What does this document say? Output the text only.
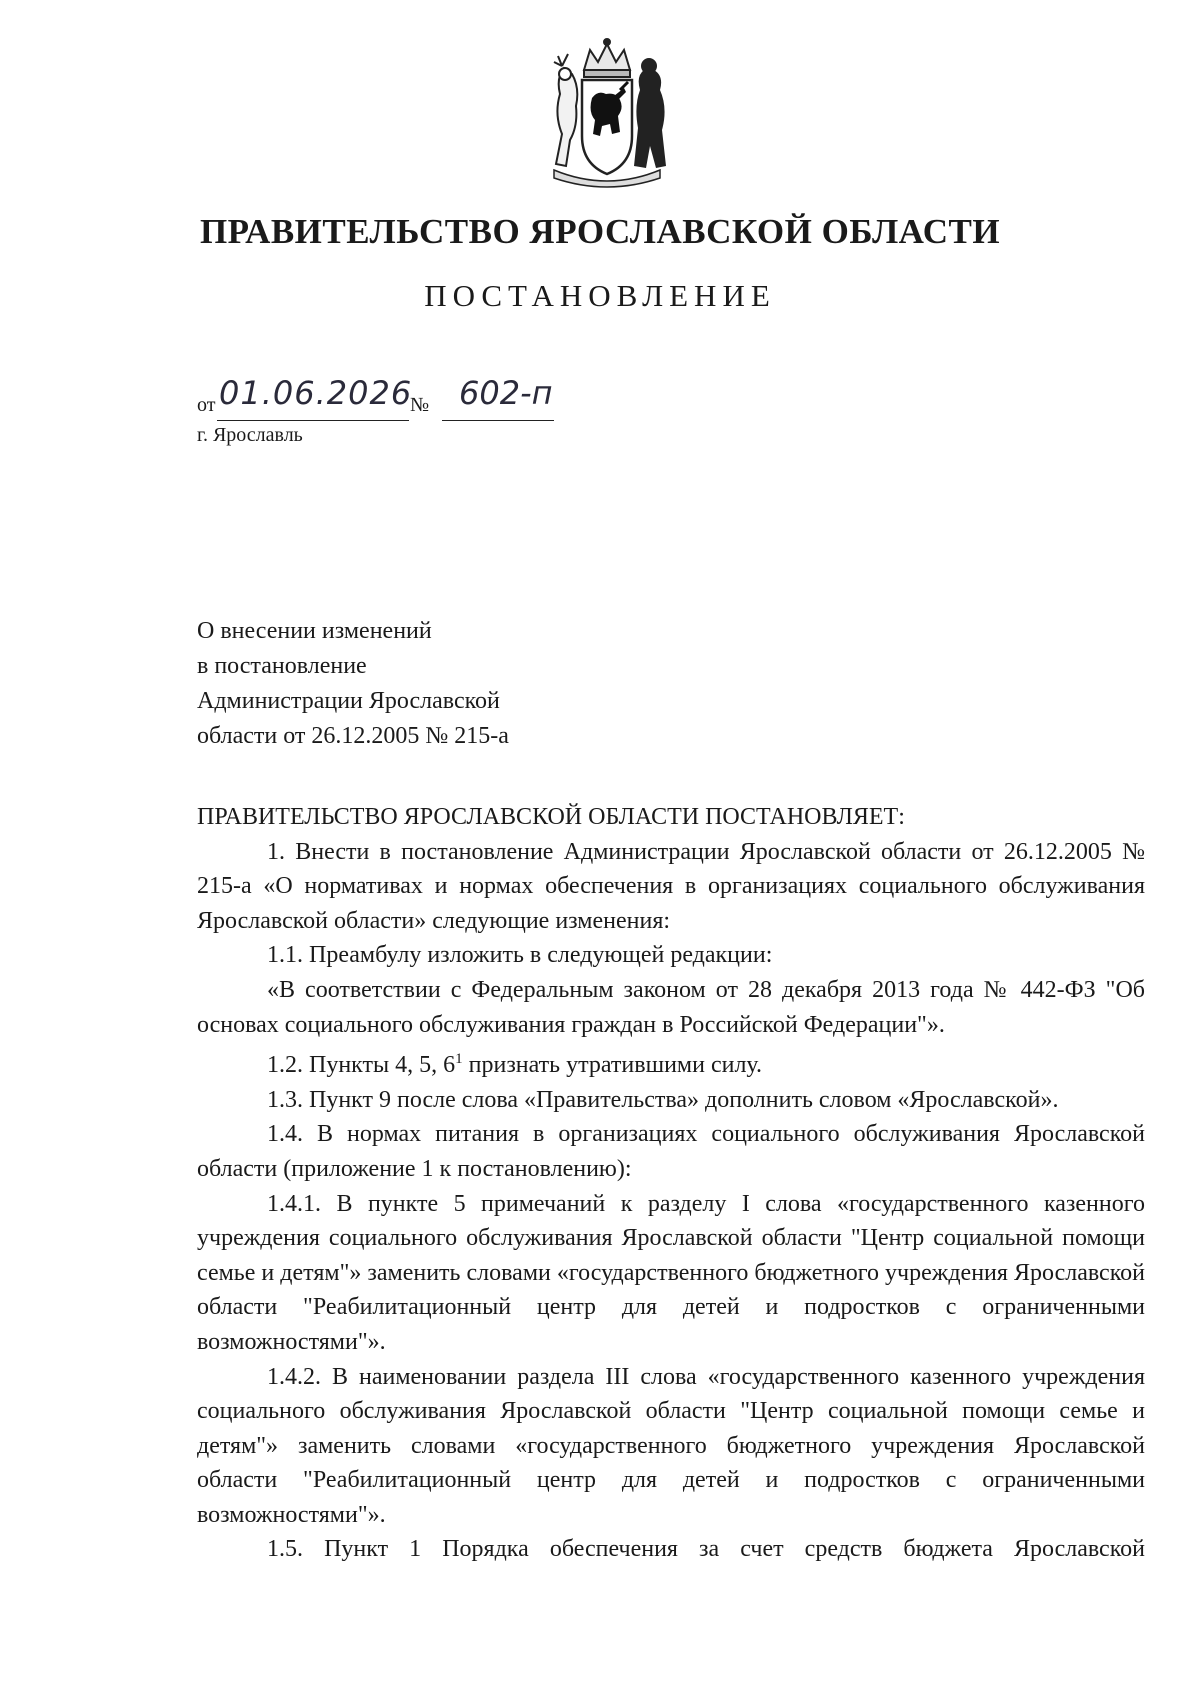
ПРАВИТЕЛЬСТВО ЯРОСЛАВСКОЙ ОБЛАСТИ
ПОСТАНОВЛЕНИЕ
от 01.06.2026
№ 602-п
г. Ярославль
О внесении изменений
в постановление
Администрации Ярославской
области от 26.12.2005 № 215-а

ПРАВИТЕЛЬСТВО ЯРОСЛАВСКОЙ ОБЛАСТИ ПОСТАНОВЛЯЕТ:

1. Внести в постановление Администрации Ярославской области от 26.12.2005 № 215-а «О нормативах и нормах обеспечения в организациях социального обслуживания Ярославской области» следующие изменения:

1.1. Преамбулу изложить в следующей редакции:

«В соответствии с Федеральным законом от 28 декабря 2013 года № 442-ФЗ "Об основах социального обслуживания граждан в Российской Федерации"».

1.2. Пункты 4, 5, $6^1$ признать утратившими силу.

1.3. Пункт 9 после слова «Правительства» дополнить словом «Ярославской».

1.4. В нормах питания в организациях социального обслуживания Ярославской области (приложение 1 к постановлению):

1.4.1. В пункте 5 примечаний к разделу I слова «государственного казенного учреждения социального обслуживания Ярославской области "Центр социальной помощи семье и детям"» заменить словами «государственного бюджетного учреждения Ярославской области "Реабилитационный центр для детей и подростков с ограниченными возможностями"».

1.4.2. В наименовании раздела III слова «государственного казенного учреждения социального обслуживания Ярославской области "Центр социальной помощи семье и детям"» заменить словами «государственного бюджетного учреждения Ярославской области "Реабилитационный центр для детей и подростков с ограниченными возможностями"».

1.5. Пункт 1 Порядка обеспечения за счет средств бюджета Ярославской
